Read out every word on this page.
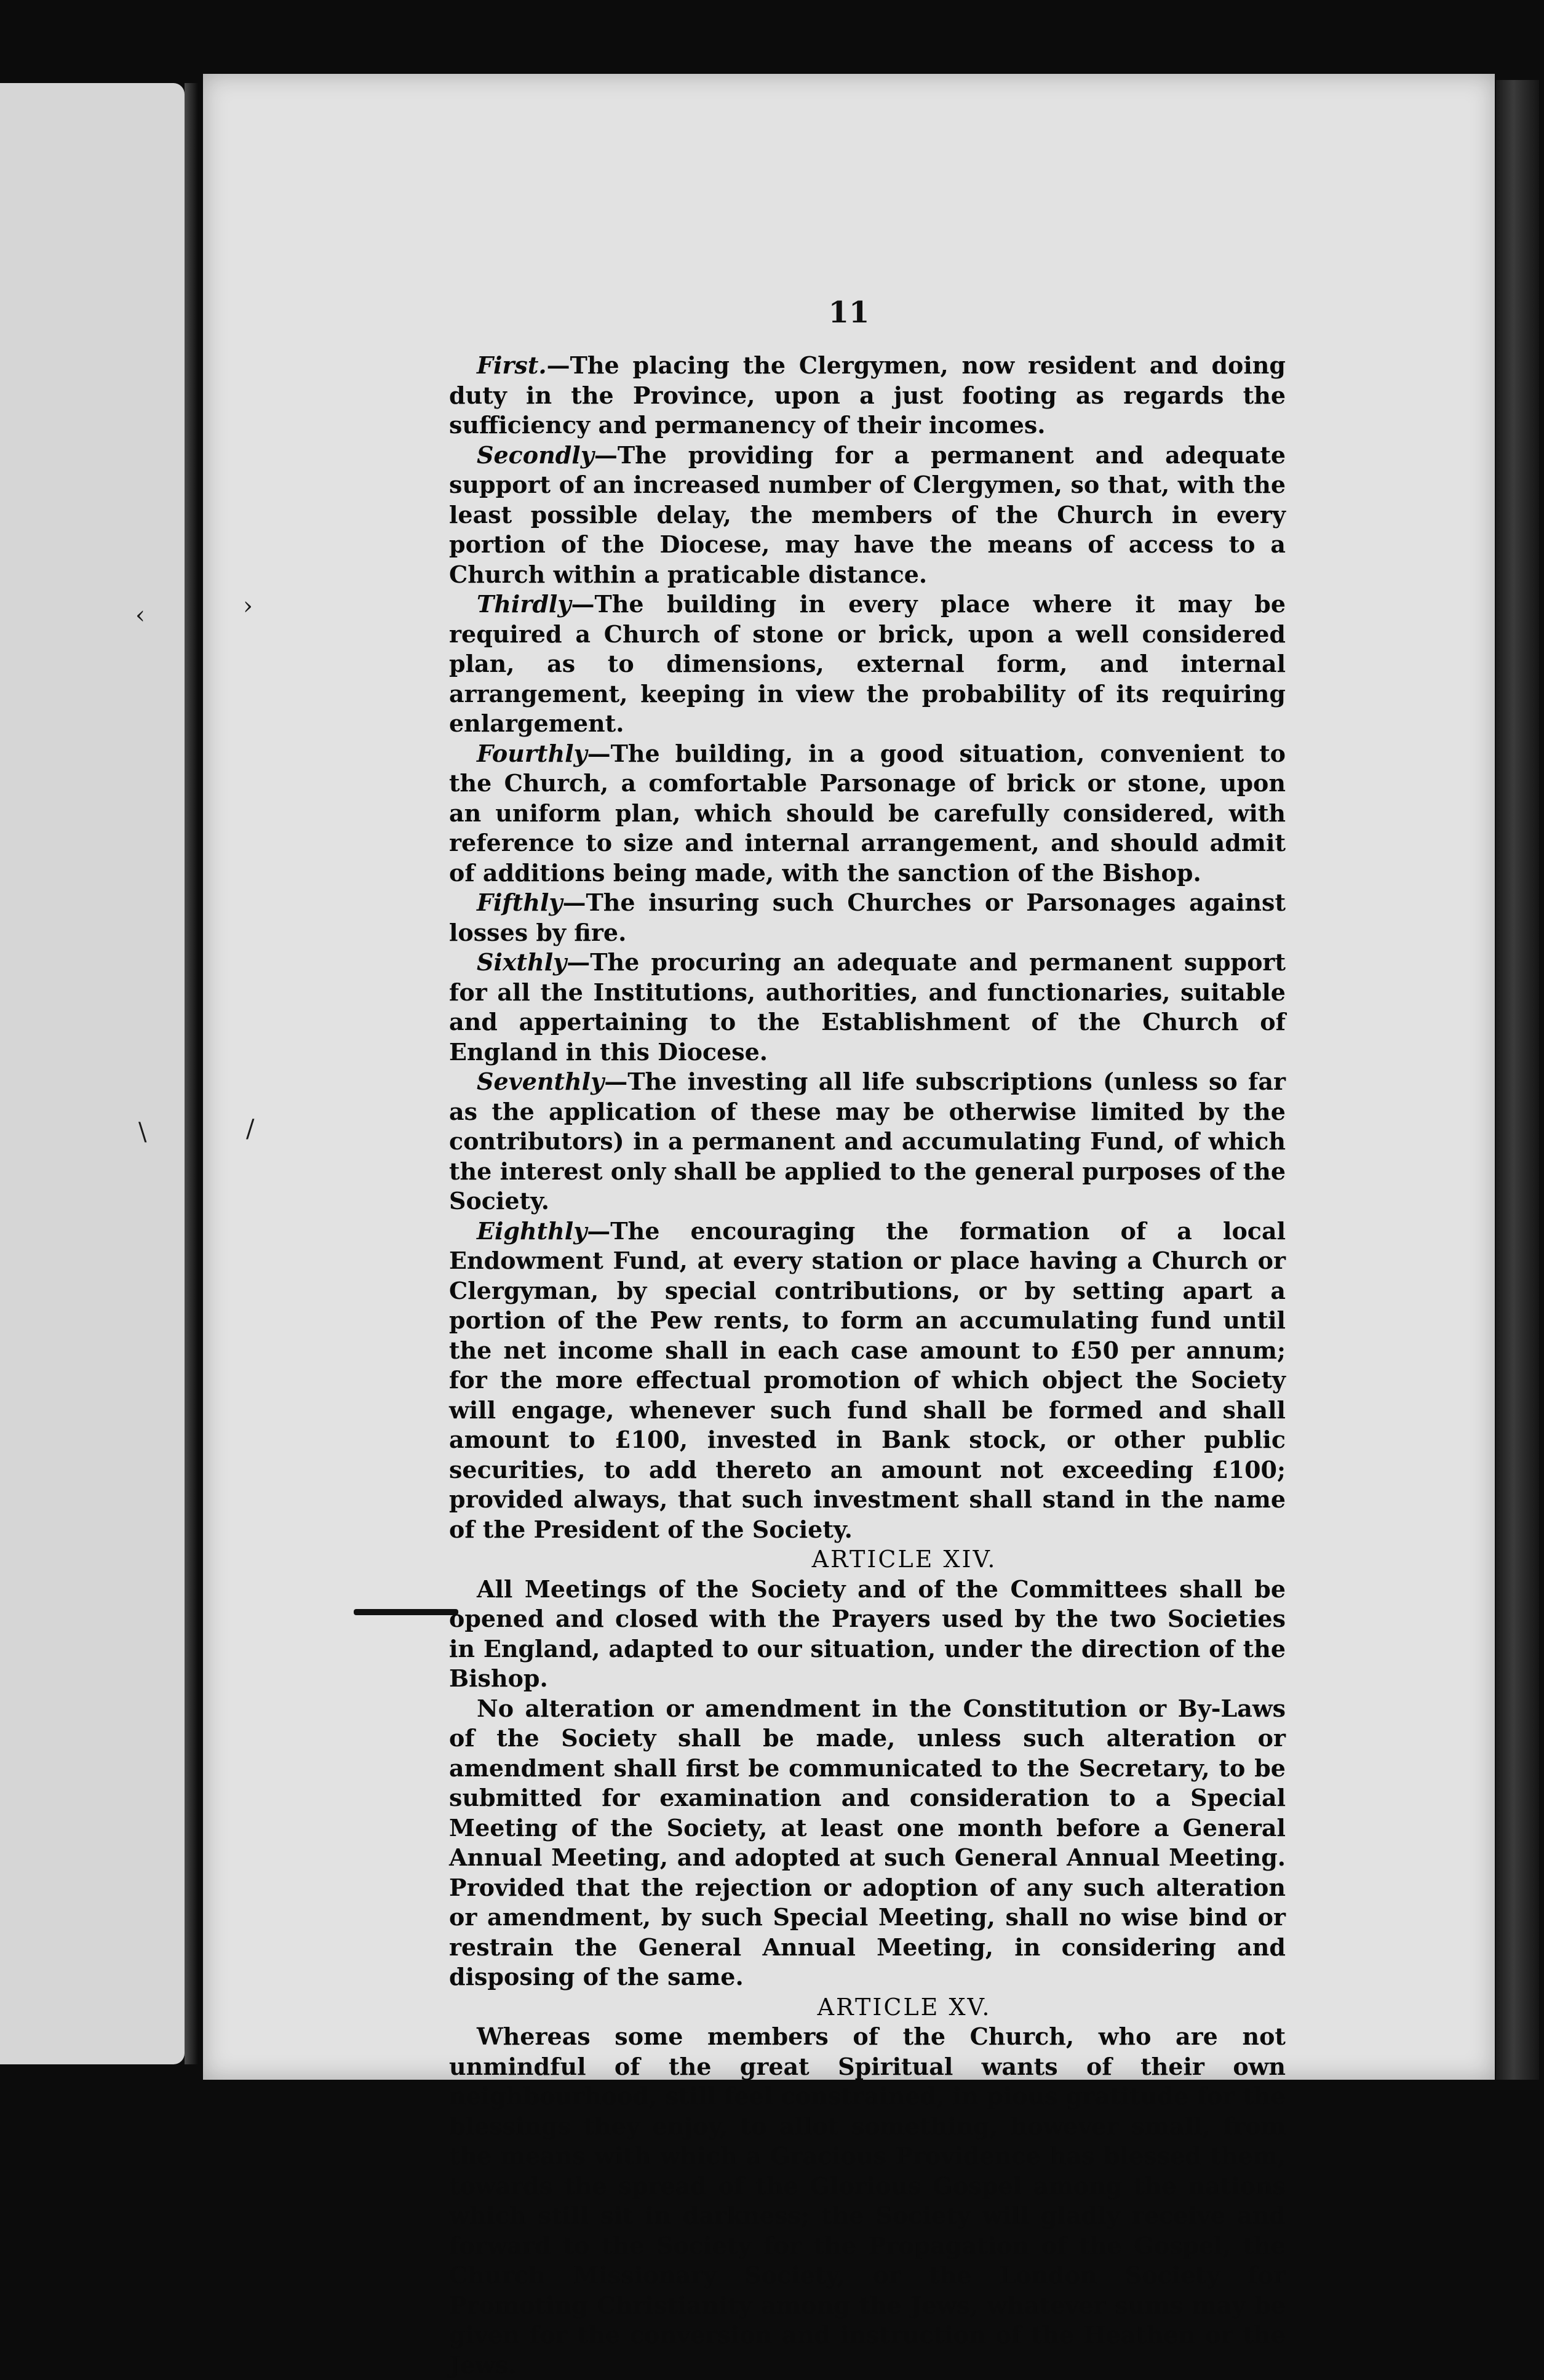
11
‹	›
\	/

First.—The placing the Clergymen, now resident and doing duty in the Province, upon a just footing as regards the sufficiency and permanency of their incomes.

Secondly—The providing for a permanent and adequate support of an increased number of Clergymen, so that, with the least possible delay, the members of the Church in every portion of the Diocese, may have the means of access to a Church within a praticable distance.

Thirdly—The building in every place where it may be required a Church of stone or brick, upon a well considered plan, as to dimensions, external form, and internal arrangement, keeping in view the probability of its requiring enlargement.

Fourthly—The building, in a good situation, convenient to the Church, a comfortable Parsonage of brick or stone, upon an uniform plan, which should be carefully considered, with reference to size and internal arrangement, and should admit of additions being made, with the sanction of the Bishop.

Fifthly—The insuring such Churches or Parsonages against losses by fire.

Sixthly—The procuring an adequate and permanent support for all the Institutions, authorities, and functionaries, suitable and appertaining to the Establishment of the Church of England in this Diocese.

Seventhly—The investing all life subscriptions (unless so far as the application of these may be otherwise limited by the contributors) in a permanent and accumulating Fund, of which the interest only shall be applied to the general purposes of the Society.

Eighthly—The encouraging the formation of a local Endowment Fund, at every station or place having a Church or Clergyman, by special contributions, or by setting apart a portion of the Pew rents, to form an accumulating fund until the net income shall in each case amount to £50 per annum; for the more effectual promotion of which object the Society will engage, whenever such fund shall be formed and shall amount to £100, invested in Bank stock, or other public securities, to add thereto an amount not exceeding £100; provided always, that such investment shall stand in the name of the President of the Society.

ARTICLE XIV.

All Meetings of the Society and of the Committees shall be opened and closed with the Prayers used by the two Societies in England, adapted to our situation, under the direction of the Bishop.

No alteration or amendment in the Constitution or By-Laws of the Society shall be made, unless such alteration or amendment shall first be communicated to the Secretary, to be submitted for examination and consideration to a Special Meeting of the Society, at least one month before a General Annual Meeting, and adopted at such General Annual Meeting. Provided that the rejection or adoption of any such alteration or amendment, by such Special Meeting, shall no wise bind or restrain the General Annual Meeting, in considering and disposing of the same.

ARTICLE XV.

Whereas some members of the Church, who are not unmindful of the great Spiritual wants of their own neighbourhood, still feel constrained, in pious gratitude for the blessings they enjoy, to allot something, however small, from the means with which a Gracious Providence has blessed them, towards the spread of the Glorious Gospel among the nations which still sit in darkness; the Society will gladly receive and forward to the Society for the Propagation of the Gospel, the Church Missionary Society, or the London Society for Promoting Christianity among the Jews, whatever sums may be given for the conversion and instruction of the Heathen or the Jews.
